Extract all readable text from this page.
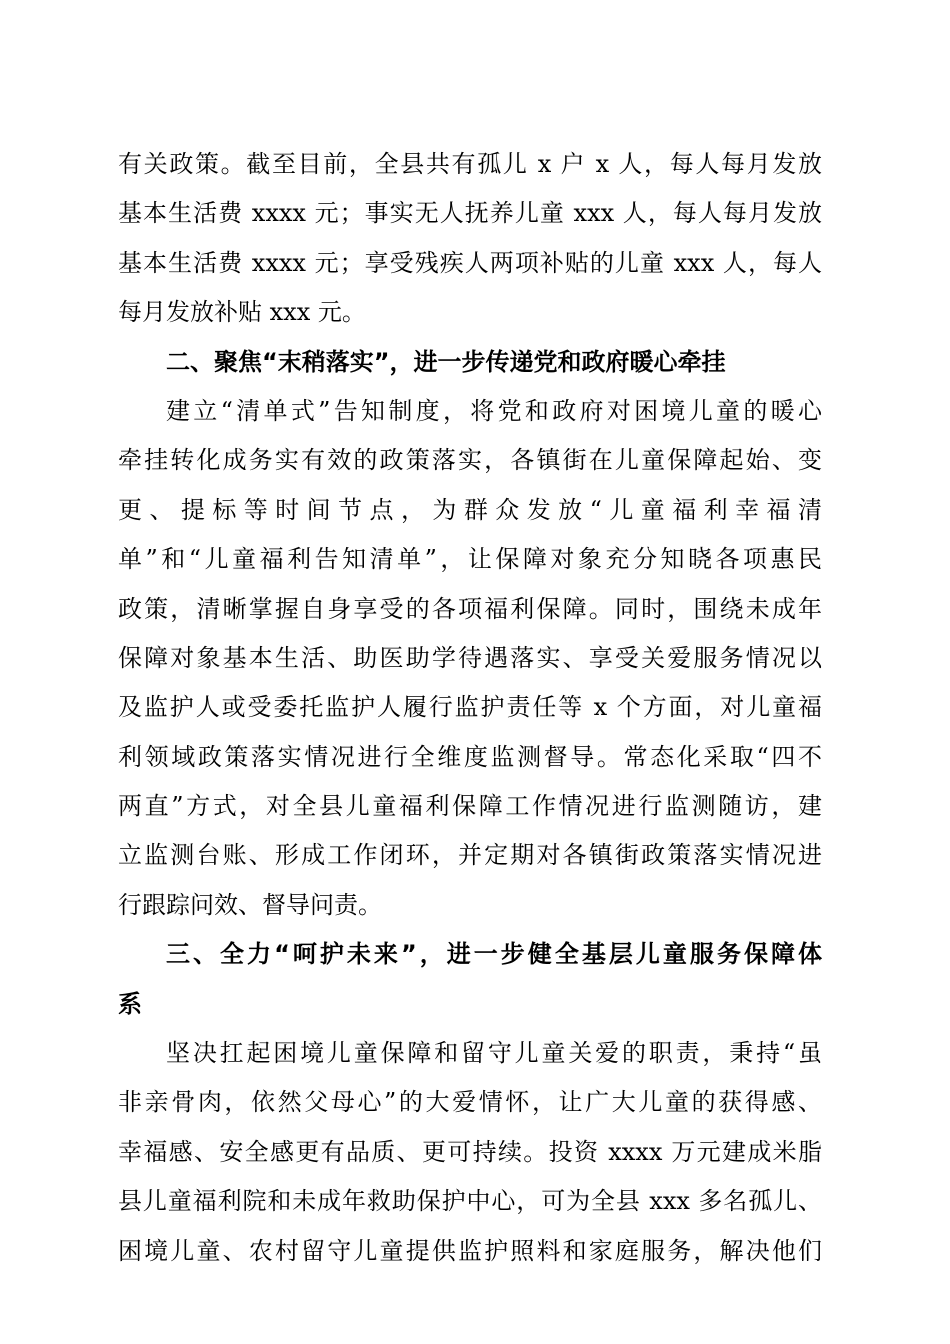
有关政策。截至目前，全县共有孤儿 x 户 x 人，每人每月发放
基本生活费 xxxx 元；事实无人抚养儿童 xxx 人，每人每月发放
基本生活费 xxxx 元；享受残疾人两项补贴的儿童 xxx 人，每人
每月发放补贴 xxx 元。
二、聚焦“末稍落实”，进一步传递党和政府暖心牵挂
建立“清单式”告知制度，将党和政府对困境儿童的暖心
牵挂转化成务实有效的政策落实，各镇街在儿童保障起始、变
更、提标等时间节点，为群众发放“儿童福利幸福清
单”和“儿童福利告知清单”，让保障对象充分知晓各项惠民
政策，清晰掌握自身享受的各项福利保障。同时，围绕未成年
保障对象基本生活、助医助学待遇落实、享受关爱服务情况以
及监护人或受委托监护人履行监护责任等 x 个方面，对儿童福
利领域政策落实情况进行全维度监测督导。常态化采取“四不
两直”方式，对全县儿童福利保障工作情况进行监测随访，建
立监测台账、形成工作闭环，并定期对各镇街政策落实情况进
行跟踪问效、督导问责。
三、全力“呵护未来”，进一步健全基层儿童服务保障体
系
坚决扛起困境儿童保障和留守儿童关爱的职责，秉持“虽
非亲骨肉，依然父母心”的大爱情怀，让广大儿童的获得感、
幸福感、安全感更有品质、更可持续。投资 xxxx 万元建成米脂
县儿童福利院和未成年救助保护中心，可为全县 xxx 多名孤儿、
困境儿童、农村留守儿童提供监护照料和家庭服务，解决他们
